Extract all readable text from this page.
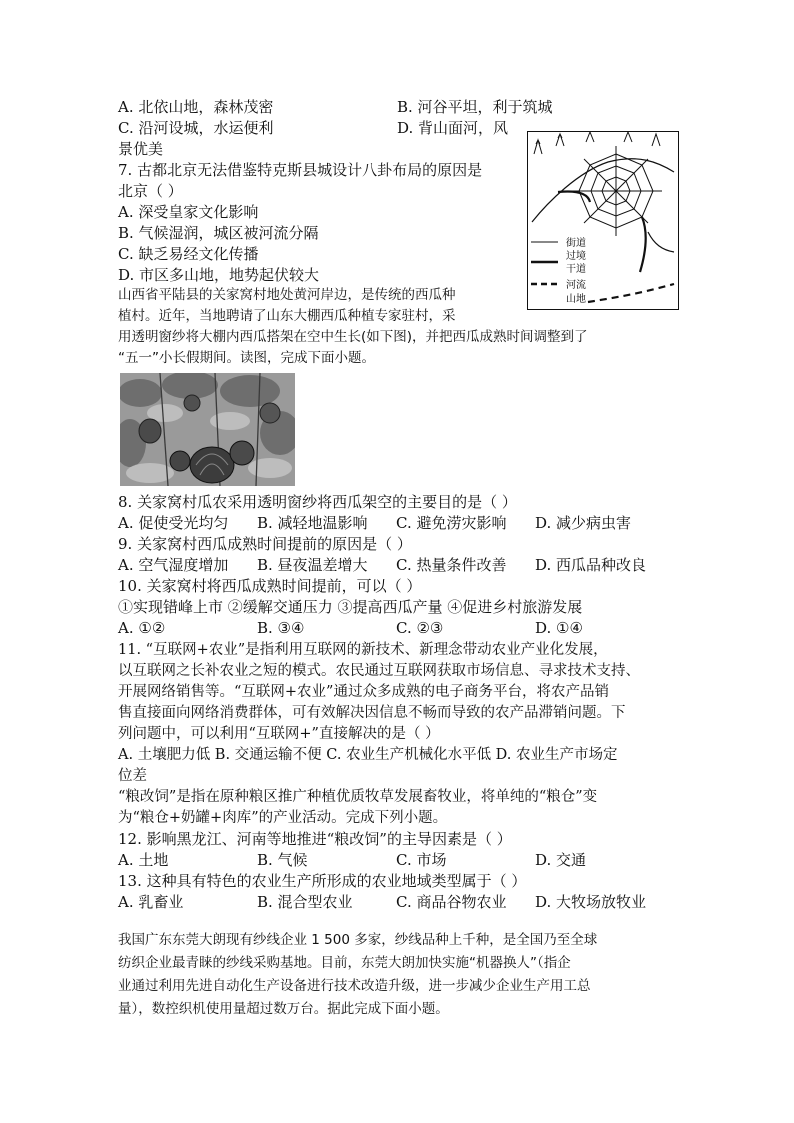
A. 北依山地，森林茂密	B. 河谷平坦，利于筑城
C. 沿河设城，水运便利	D. 背山面河，风
景优美
7. 古都北京无法借鉴特克斯县城设计八卦布局的原因是
北京（ ）
A. 深受皇家文化影响
B. 气候湿润，城区被河流分隔
C. 缺乏易经文化传播
D. 市区多山地，地势起伏较大
街道
过境
干道
河流
山地
山西省平陆县的关家窝村地处黄河岸边，是传统的西瓜种
植村。近年，当地聘请了山东大棚西瓜种植专家驻村，采
用透明窗纱将大棚内西瓜搭架在空中生长(如下图)，并把西瓜成熟时间调整到了
“五一”小长假期间。读图，完成下面小题。
8. 关家窝村瓜农采用透明窗纱将西瓜架空的主要目的是（ ）
A. 促使受光均匀 B. 减轻地温影响 C. 避免涝灾影响 D. 减少病虫害
9. 关家窝村西瓜成熟时间提前的原因是（ ）
A. 空气湿度增加 B. 昼夜温差增大 C. 热量条件改善 D. 西瓜品种改良
10. 关家窝村将西瓜成熟时间提前，可以（ ）
①实现错峰上市 ②缓解交通压力 ③提高西瓜产量 ④促进乡村旅游发展
A. ①②	B. ③④	C. ②③	D. ①④
11. “互联网+农业”是指利用互联网的新技术、新理念带动农业产业化发展，
以互联网之长补农业之短的模式。农民通过互联网获取市场信息、寻求技术支持、
开展网络销售等。“互联网+农业”通过众多成熟的电子商务平台，将农产品销
售直接面向网络消费群体，可有效解决因信息不畅而导致的农产品滞销问题。下
列问题中，可以利用“互联网+”直接解决的是（ ）
A. 土壤肥力低 B. 交通运输不便 C. 农业生产机械化水平低 D. 农业生产市场定
位差
“粮改饲”是指在原种粮区推广种植优质牧草发展畜牧业，将单纯的“粮仓”变
为“粮仓+奶罐+肉库”的产业活动。完成下列小题。
12. 影响黑龙江、河南等地推进“粮改饲”的主导因素是（ ）
A. 土地	B. 气候	C. 市场	D. 交通
13. 这种具有特色的农业生产所形成的农业地域类型属于（ ）
A. 乳畜业	B. 混合型农业	C. 商品谷物农业 D. 大牧场放牧业
我国广东东莞大朗现有纱线企业 1 500 多家，纱线品种上千种，是全国乃至全球
纺织企业最青睐的纱线采购基地。目前，东莞大朗加快实施“机器换人”（指企
业通过利用先进自动化生产设备进行技术改造升级，进一步减少企业生产用工总
量），数控织机使用量超过数万台。据此完成下面小题。
